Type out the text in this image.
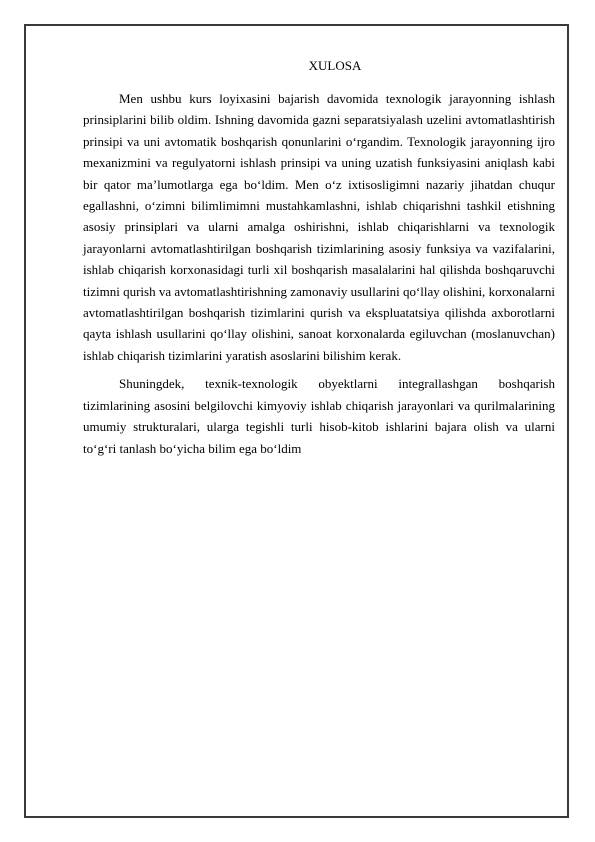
XULOSA

Men ushbu kurs loyixasini bajarish davomida texnologik jarayonning ishlash prinsiplarini bilib oldim. Ishning davomida gazni separatsiyalash uzelini avtomatlashtirish prinsipi va uni avtomatik boshqarish qonunlarini o‘rgandim. Texnologik jarayonning ijro mexanizmini va regulyatorni ishlash prinsipi va uning uzatish funksiyasini aniqlash kabi bir qator ma’lumotlarga ega bo‘ldim. Men o‘z ixtisosligimni nazariy jihatdan chuqur egallashni, o‘zimni bilimlimimni mustahkamlashni, ishlab chiqarishni tashkil etishning asosiy prinsiplari va ularni amalga oshirishni, ishlab chiqarishlarni va texnologik jarayonlarni avtomatlashtirilgan boshqarish tizimlarining asosiy funksiya va vazifalarini, ishlab chiqarish korxonasidagi turli xil boshqarish masalalarini hal qilishda boshqaruvchi tizimni qurish va avtomatlashtirishning zamonaviy usullarini qo‘llay olishini, korxonalarni avtomatlashtirilgan boshqarish tizimlarini qurish va ekspluatatsiya qilishda axborotlarni qayta ishlash usullarini qo‘llay olishini, sanoat korxonalarda egiluvchan (moslanuvchan) ishlab chiqarish tizimlarini yaratish asoslarini bilishim kerak.

Shuningdek, texnik-texnologik obyektlarni integrallashgan boshqarish tizimlarining asosini belgilovchi kimyoviy ishlab chiqarish jarayonlari va qurilmalarining umumiy strukturalari, ularga tegishli turli hisob-kitob ishlarini bajara olish va ularni to‘g‘ri tanlash bo‘yicha bilim ega bo‘ldim
